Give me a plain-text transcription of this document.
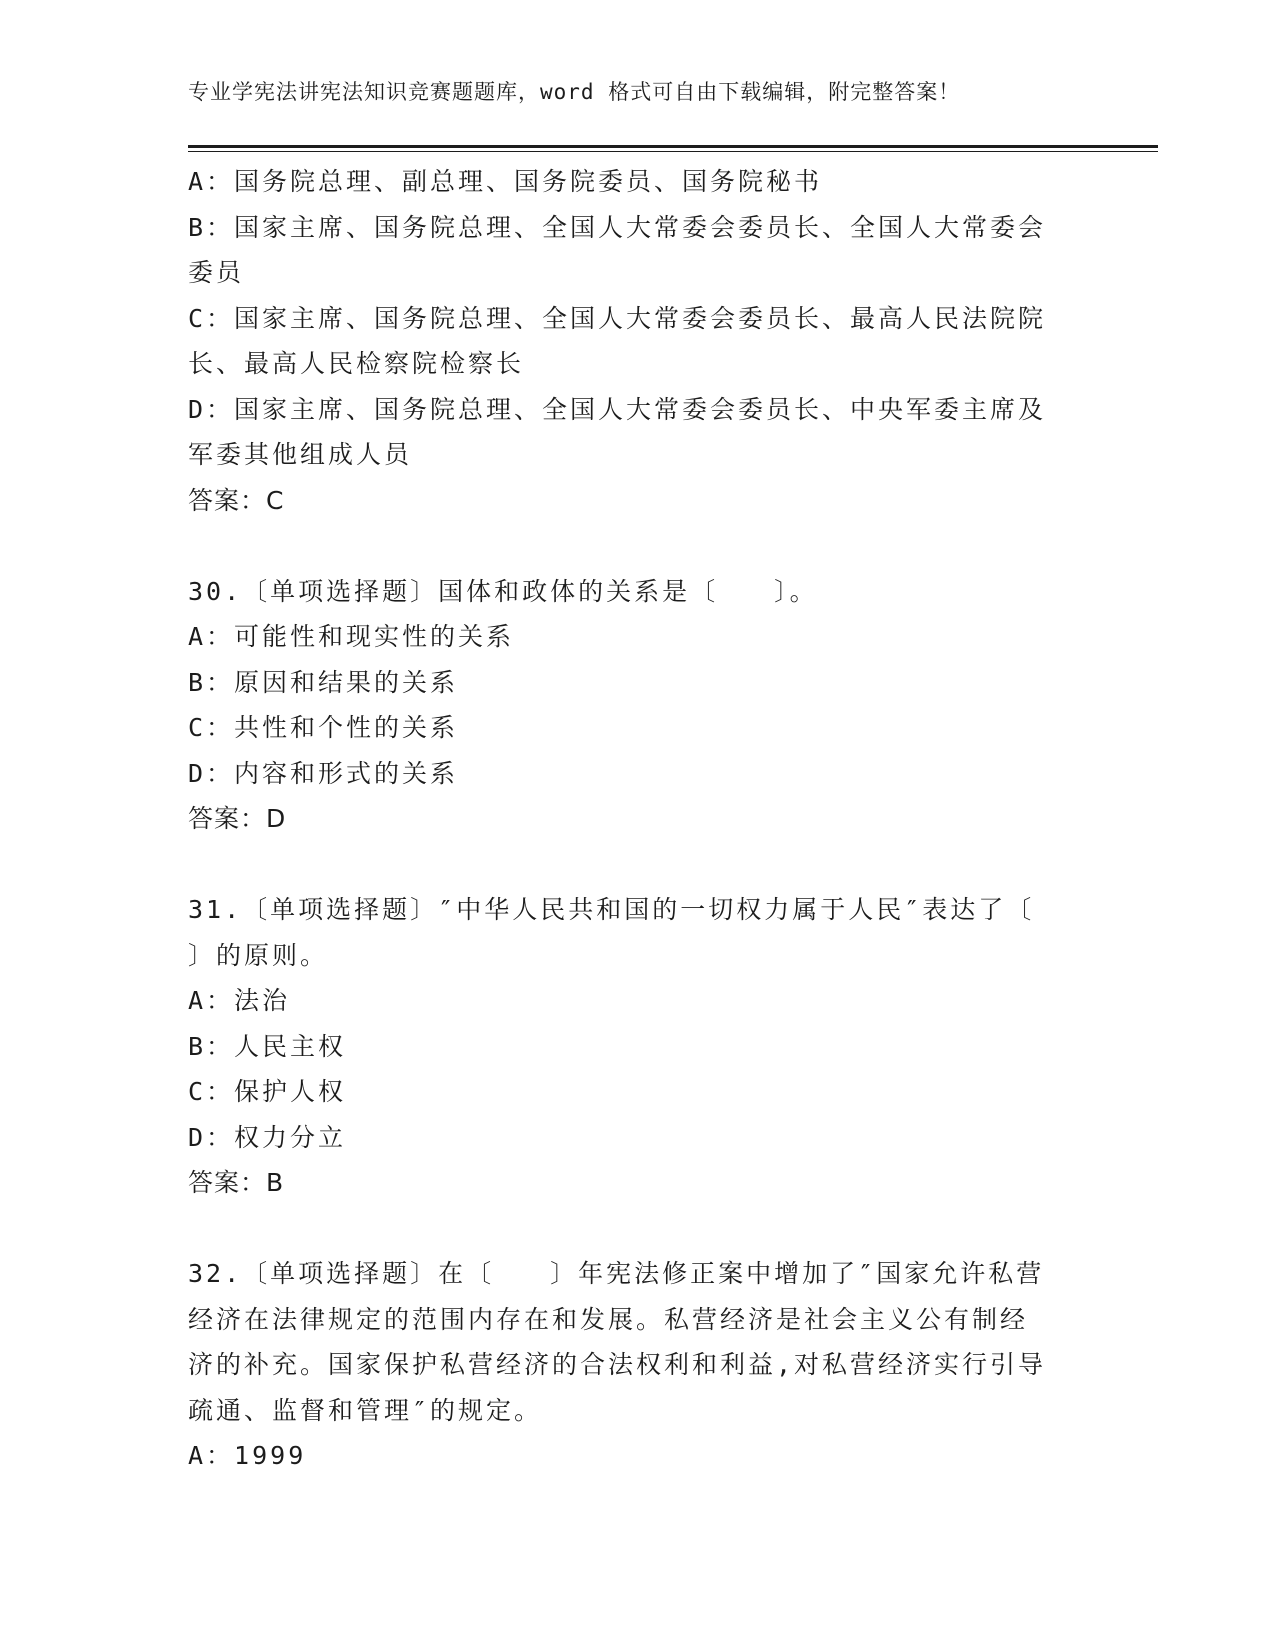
专业学宪法讲宪法知识竞赛题题库，word 格式可自由下载编辑，附完整答案！
A：国务院总理、副总理、国务院委员、国务院秘书
B：国家主席、国务院总理、全国人大常委会委员长、全国人大常委会
委员
C：国家主席、国务院总理、全国人大常委会委员长、最高人民法院院
长、最高人民检察院检察长
D：国家主席、国务院总理、全国人大常委会委员长、中央军委主席及
军委其他组成人员
答案：C
30.〔单项选择题〕国体和政体的关系是〔　　〕。
A：可能性和现实性的关系
B：原因和结果的关系
C：共性和个性的关系
D：内容和形式的关系
答案：D
31.〔单项选择题〕″中华人民共和国的一切权力属于人民″表达了〔
〕的原则。
A：法治
B：人民主权
C：保护人权
D：权力分立
答案：B
32.〔单项选择题〕在〔　　〕年宪法修正案中增加了″国家允许私营
经济在法律规定的范围内存在和发展。私营经济是社会主义公有制经
济的补充。国家保护私营经济的合法权利和利益,对私营经济实行引导
疏通、监督和管理″的规定。
A：1999
